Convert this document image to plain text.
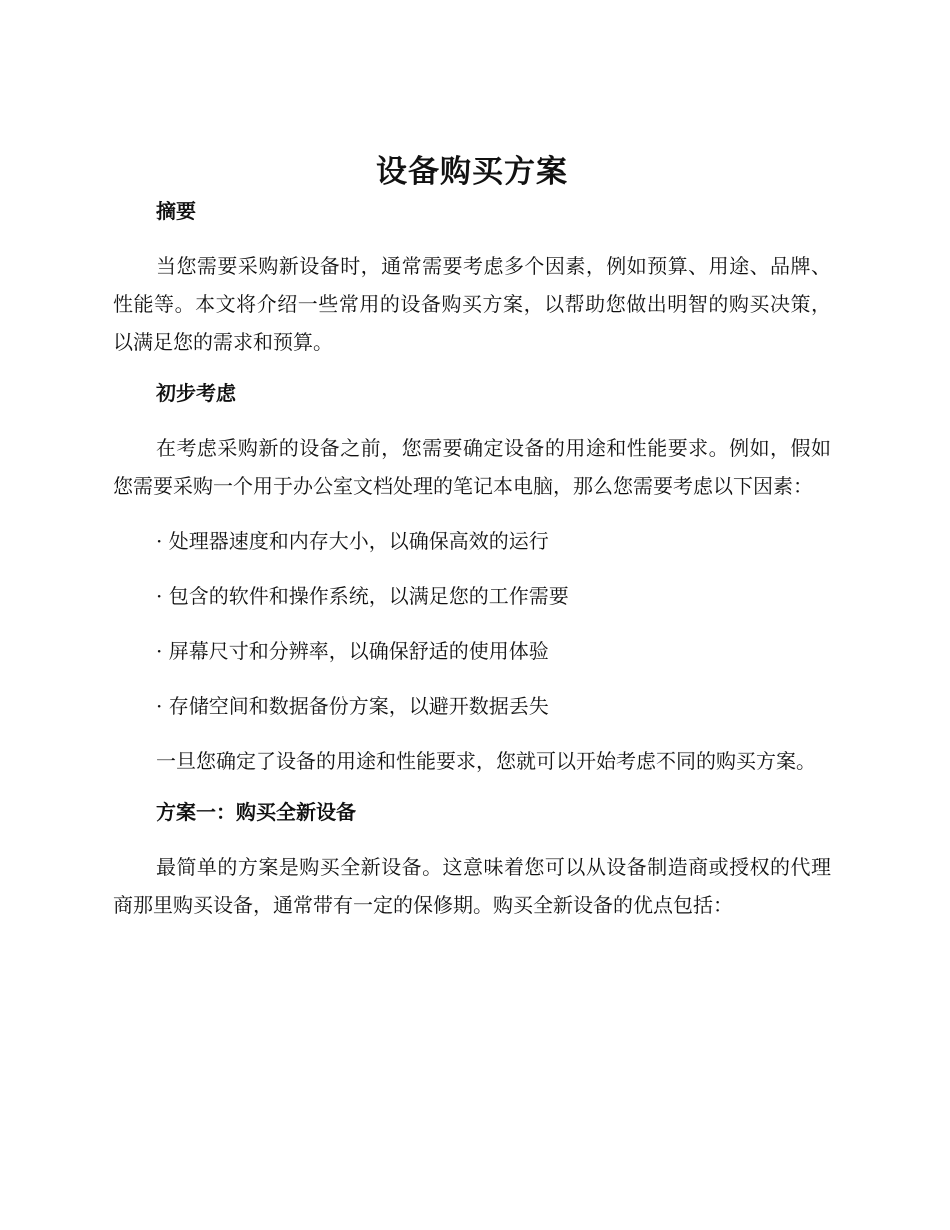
设备购买方案
摘要

当您需要采购新设备时，通常需要考虑多个因素，例如预算、用途、品牌、性能等。本文将介绍一些常用的设备购买方案，以帮助您做出明智的购买决策，以满足您的需求和预算。

初步考虑

在考虑采购新的设备之前，您需要确定设备的用途和性能要求。例如，假如您需要采购一个用于办公室文档处理的笔记本电脑，那么您需要考虑以下因素：

· 处理器速度和内存大小，以确保高效的运行
· 包含的软件和操作系统，以满足您的工作需要
· 屏幕尺寸和分辨率，以确保舒适的使用体验
· 存储空间和数据备份方案，以避开数据丢失

一旦您确定了设备的用途和性能要求，您就可以开始考虑不同的购买方案。

方案一：购买全新设备

最简单的方案是购买全新设备。这意味着您可以从设备制造商或授权的代理商那里购买设备，通常带有一定的保修期。购买全新设备的优点包括：
